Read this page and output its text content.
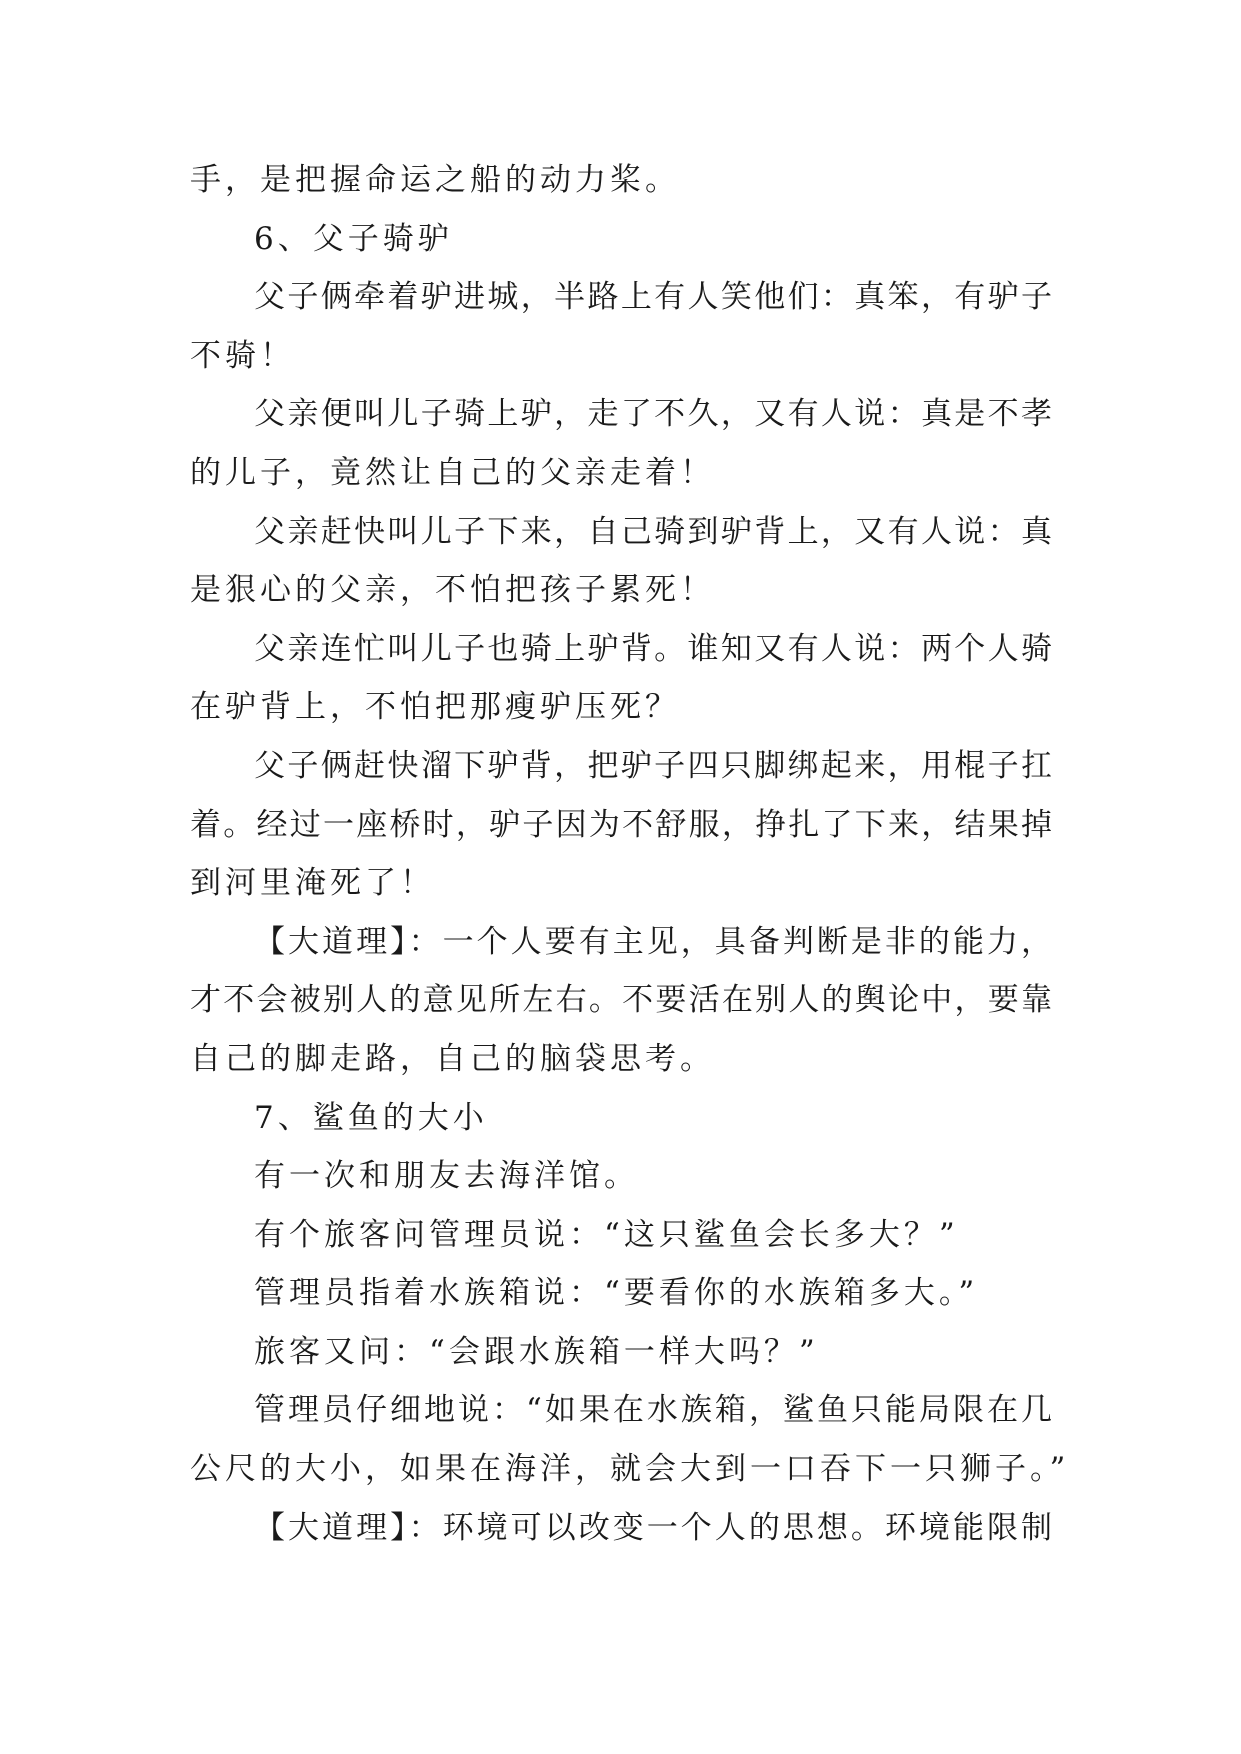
手，是把握命运之船的动力桨。
6、父子骑驴
父子俩牵着驴进城，半路上有人笑他们：真笨，有驴子
不骑！
父亲便叫儿子骑上驴，走了不久，又有人说：真是不孝
的儿子，竟然让自己的父亲走着！
父亲赶快叫儿子下来，自己骑到驴背上，又有人说：真
是狠心的父亲，不怕把孩子累死！
父亲连忙叫儿子也骑上驴背。谁知又有人说：两个人骑
在驴背上，不怕把那瘦驴压死？
父子俩赶快溜下驴背，把驴子四只脚绑起来，用棍子扛
着。经过一座桥时，驴子因为不舒服，挣扎了下来，结果掉
到河里淹死了！
【大道理】：一个人要有主见，具备判断是非的能力，
才不会被别人的意见所左右。不要活在别人的舆论中，要靠
自己的脚走路，自己的脑袋思考。
7、鲨鱼的大小
有一次和朋友去海洋馆。
有个旅客问管理员说：“这只鲨鱼会长多大？”
管理员指着水族箱说：“要看你的水族箱多大。”
旅客又问：“会跟水族箱一样大吗？”
管理员仔细地说：“如果在水族箱，鲨鱼只能局限在几
公尺的大小，如果在海洋，就会大到一口吞下一只狮子。”
【大道理】：环境可以改变一个人的思想。环境能限制
